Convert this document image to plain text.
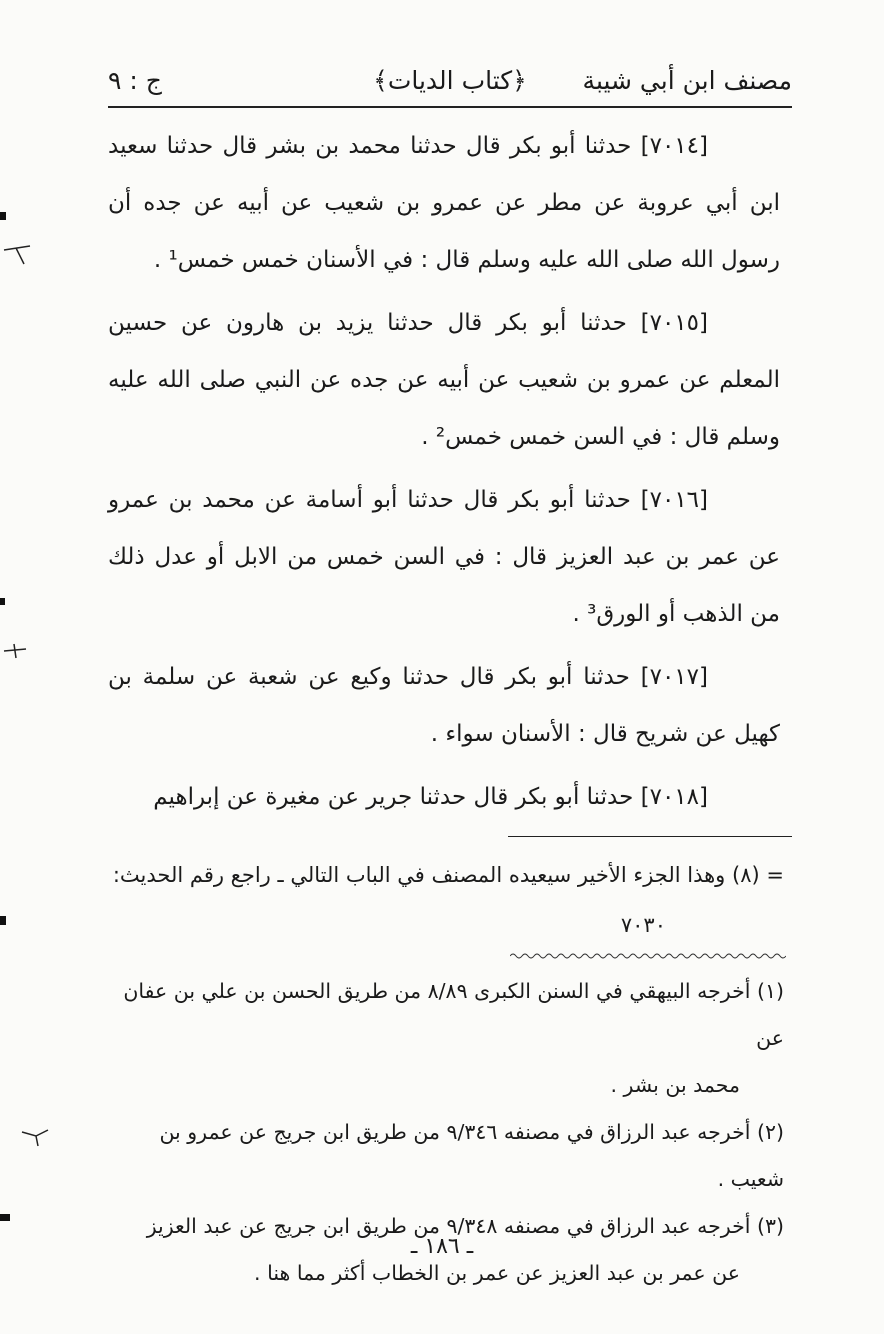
مصنف ابن أبي شيبة
﴿كتاب الديات﴾
ج : ٩

[٧٠١٤] حدثنا أبو بكر قال حدثنا محمد بن بشر قال حدثنا سعيد ابن أبي عروبة عن مطر عن عمرو بن شعيب عن أبيه عن جده أن رسول الله صلى الله عليه وسلم قال : في الأسنان خمس خمس¹ .

[٧٠١٥] حدثنا أبو بكر قال حدثنا يزيد بن هارون عن حسين المعلم عن عمرو بن شعيب عن أبيه عن جده عن النبي صلى الله عليه وسلم قال : في السن خمس خمس² .

[٧٠١٦] حدثنا أبو بكر قال حدثنا أبو أسامة عن محمد بن عمرو عن عمر بن عبد العزيز قال : في السن خمس من الابل أو عدل ذلك من الذهب أو الورق³ .

[٧٠١٧] حدثنا أبو بكر قال حدثنا وكيع عن شعبة عن سلمة بن كهيل عن شريح قال : الأسنان سواء .

[٧٠١٨] حدثنا أبو بكر قال حدثنا جرير عن مغيرة عن إبراهيم

= (٨) وهذا الجزء الأخير سيعيده المصنف في الباب التالي ـ راجع رقم الحديث:
٧٠٣٠

(١) أخرجه البيهقي في السنن الكبرى ٨/٨٩ من طريق الحسن بن علي بن عفان عن
محمد بن بشر .

(٢) أخرجه عبد الرزاق في مصنفه ٩/٣٤٦ من طريق ابن جريج عن عمرو بن شعيب .

(٣) أخرجه عبد الرزاق في مصنفه ٩/٣٤٨ من طريق ابن جريج عن عبد العزيز
عن عمر بن عبد العزيز عن عمر بن الخطاب أكثر مما هنا .

ـ ١٨٦ ـ
